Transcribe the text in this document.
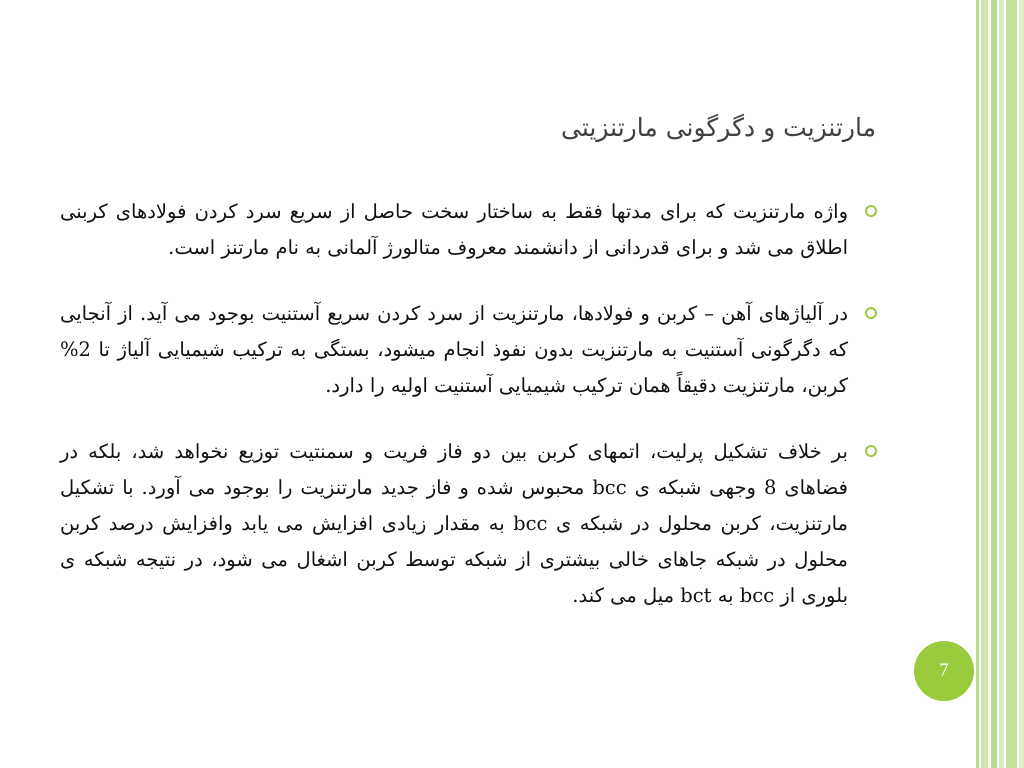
مارتنزیت و دگرگونی مارتنزیتی
واژه مارتنزیت که برای مدتها فقط به ساختار سخت حاصل از سریع سرد کردن فولادهای کربنی اطلاق می شد و برای قدردانی از دانشمند معروف متالورژ آلمانی به نام مارتنز است.
در آلیاژهای آهن – کربن و فولادها، مارتنزیت از سرد کردن سریع آستنیت بوجود می آید. از آنجایی که دگرگونی آستنیت به مارتنزیت بدون نفوذ انجام میشود، بستگی به ترکیب شیمیایی آلیاژ تا 2% کربن، مارتنزیت دقیقاً همان ترکیب شیمیایی آستنیت اولیه را دارد.
بر خلاف تشکیل پرلیت، اتمهای کربن بین دو فاز فریت و سمنتیت توزیع نخواهد شد، بلکه در فضاهای 8 وجهی شبکه ی bcc محبوس شده و فاز جدید مارتنزیت را بوجود می آورد. با تشکیل مارتنزیت، کربن محلول در شبکه ی bcc به مقدار زیادی افزایش می یابد وافزایش درصد کربن محلول در شبکه جاهای خالی بیشتری از شبکه توسط کربن اشغال می شود، در نتیجه شبکه ی بلوری از bcc به bct میل می کند.
7
